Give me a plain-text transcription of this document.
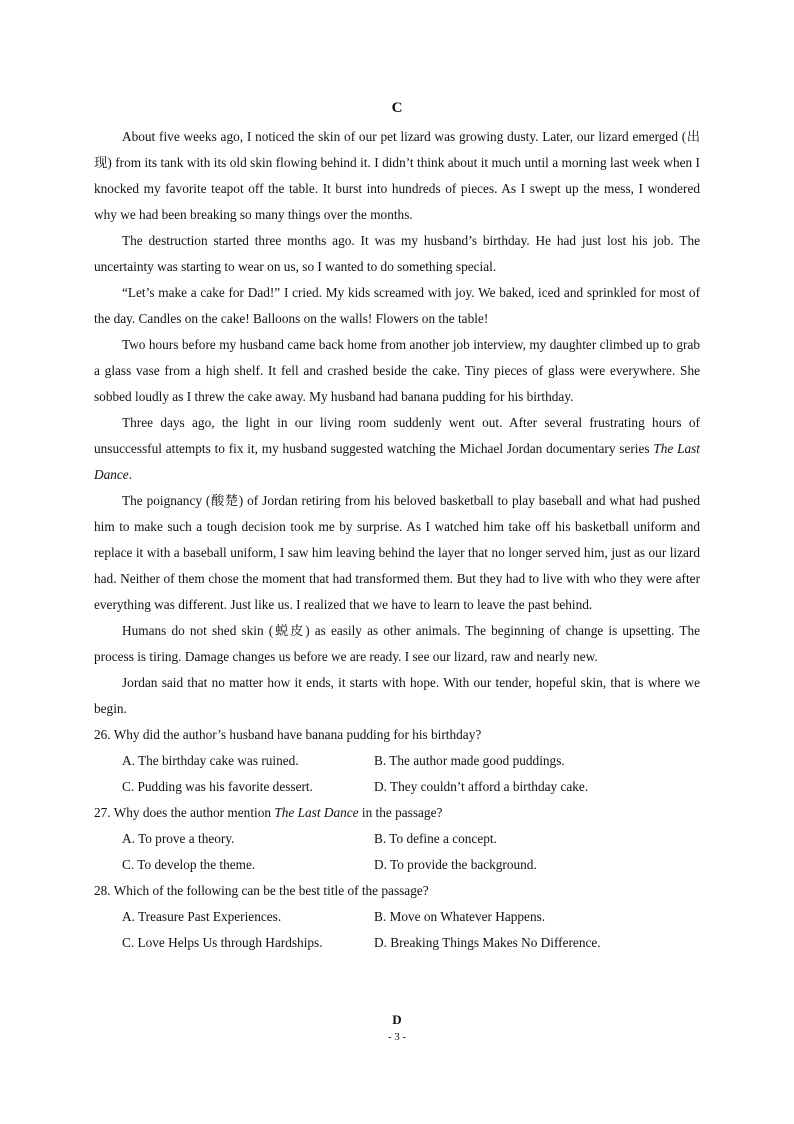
C

About five weeks ago, I noticed the skin of our pet lizard was growing dusty. Later, our lizard emerged (出现) from its tank with its old skin flowing behind it. I didn’t think about it much until a morning last week when I knocked my favorite teapot off the table. It burst into hundreds of pieces. As I swept up the mess, I wondered why we had been breaking so many things over the months.

The destruction started three months ago. It was my husband’s birthday. He had just lost his job. The uncertainty was starting to wear on us, so I wanted to do something special.

“Let’s make a cake for Dad!” I cried. My kids screamed with joy. We baked, iced and sprinkled for most of the day. Candles on the cake! Balloons on the walls! Flowers on the table!

Two hours before my husband came back home from another job interview, my daughter climbed up to grab a glass vase from a high shelf. It fell and crashed beside the cake. Tiny pieces of glass were everywhere. She sobbed loudly as I threw the cake away. My husband had banana pudding for his birthday.

Three days ago, the light in our living room suddenly went out. After several frustrating hours of unsuccessful attempts to fix it, my husband suggested watching the Michael Jordan documentary series The Last Dance.

The poignancy (酸楚) of Jordan retiring from his beloved basketball to play baseball and what had pushed him to make such a tough decision took me by surprise. As I watched him take off his basketball uniform and replace it with a baseball uniform, I saw him leaving behind the layer that no longer served him, just as our lizard had. Neither of them chose the moment that had transformed them. But they had to live with who they were after everything was different. Just like us. I realized that we have to learn to leave the past behind.

Humans do not shed skin (蜕皮) as easily as other animals. The beginning of change is upsetting. The process is tiring. Damage changes us before we are ready. I see our lizard, raw and nearly new.

Jordan said that no matter how it ends, it starts with hope. With our tender, hopeful skin, that is where we begin.

26. Why did the author’s husband have banana pudding for his birthday?

A. The birthday cake was ruined.	B. The author made good puddings.
C. Pudding was his favorite dessert.	D. They couldn’t afford a birthday cake.

27. Why does the author mention The Last Dance in the passage?

A. To prove a theory.	B. To define a concept.
C. To develop the theme.	D. To provide the background.

28. Which of the following can be the best title of the passage?

A. Treasure Past Experiences.	B. Move on Whatever Happens.
C. Love Helps Us through Hardships.	D. Breaking Things Makes No Difference.
D
- 3 -
